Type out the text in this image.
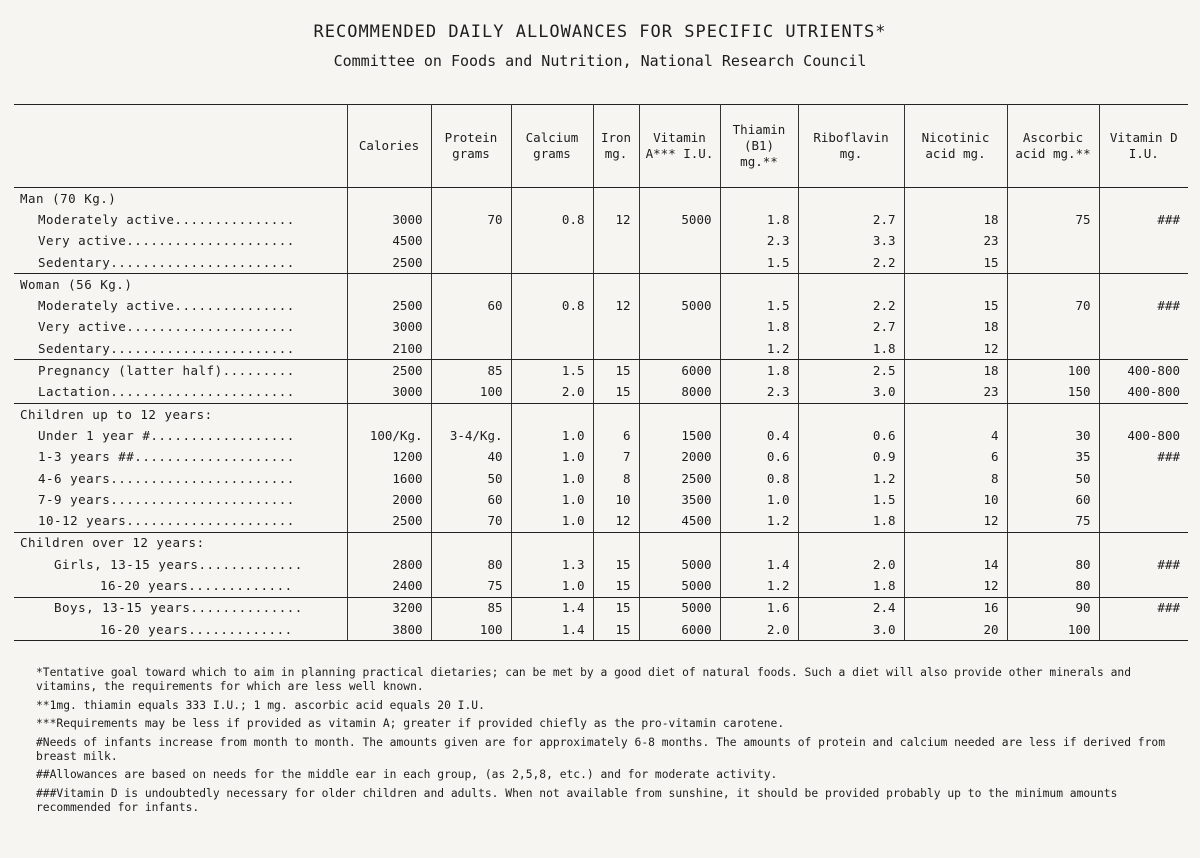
RECOMMENDED DAILY ALLOWANCES FOR SPECIFIC UTRIENTS*
Committee on Foods and Nutrition, National Research Council
	Calories	Protein grams	Calcium grams	Iron mg.	Vitamin A*** I.U.	Thiamin (B1) mg.**	Riboflavin mg.	Nicotinic acid mg.	Ascorbic acid mg.**	Vitamin D I.U.
Man (70 Kg.)										
Moderately active...............	3000	70	0.8	12	5000	1.8	2.7	18	75	###
Very active.....................	4500					2.3	3.3	23		
Sedentary.......................	2500					1.5	2.2	15		
Woman (56 Kg.)										
Moderately active...............	2500	60	0.8	12	5000	1.5	2.2	15	70	###
Very active.....................	3000					1.8	2.7	18		
Sedentary.......................	2100					1.2	1.8	12		
Pregnancy (latter half).........	2500	85	1.5	15	6000	1.8	2.5	18	100	400-800
Lactation.......................	3000	100	2.0	15	8000	2.3	3.0	23	150	400-800
Children up to 12 years:										
Under 1 year #..................	100/Kg.	3-4/Kg.	1.0	6	1500	0.4	0.6	4	30	400-800
1-3 years ##....................	1200	40	1.0	7	2000	0.6	0.9	6	35	###
4-6 years.......................	1600	50	1.0	8	2500	0.8	1.2	8	50	
7-9 years.......................	2000	60	1.0	10	3500	1.0	1.5	10	60	
10-12 years.....................	2500	70	1.0	12	4500	1.2	1.8	12	75	
Children over 12 years:										
Girls, 13-15 years.............	2800	80	1.3	15	5000	1.4	2.0	14	80	###
16-20 years.............	2400	75	1.0	15	5000	1.2	1.8	12	80	
Boys, 13-15 years..............	3200	85	1.4	15	5000	1.6	2.4	16	90	###
16-20 years.............	3800	100	1.4	15	6000	2.0	3.0	20	100	

*Tentative goal toward which to aim in planning practical dietaries; can be met by a good diet of natural foods. Such a diet will also provide other minerals and vitamins, the requirements for which are less well known.

**1mg. thiamin equals 333 I.U.; 1 mg. ascorbic acid equals 20 I.U.

***Requirements may be less if provided as vitamin A; greater if provided chiefly as the pro-vitamin carotene.

#Needs of infants increase from month to month. The amounts given are for approximately 6-8 months. The amounts of protein and calcium needed are less if derived from breast milk.

##Allowances are based on needs for the middle ear in each group, (as 2,5,8, etc.) and for moderate activity.

###Vitamin D is undoubtedly necessary for older children and adults. When not available from sunshine, it should be provided probably up to the minimum amounts recommended for infants.
